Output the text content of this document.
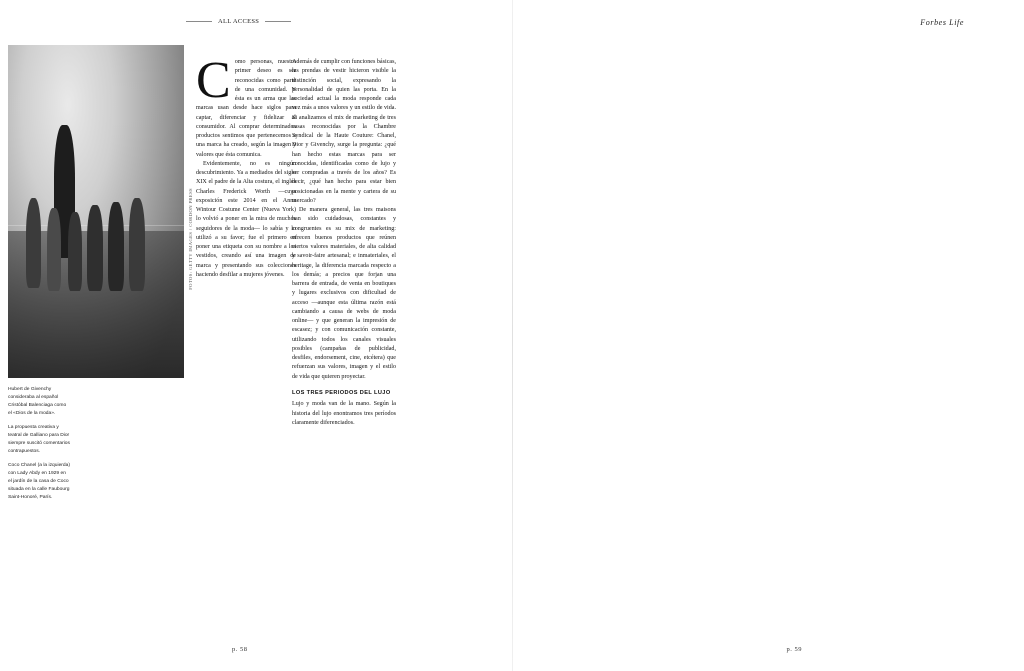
ALL ACCESS
FOTOS: GETTY IMAGES / CORDON PRESS
Hubert de Givenchy consideraba al español Cristóbal Balenciaga como el «Dios de la moda».
La propuesta creativa y teatral de Galliano para Dior siempre suscitó comentarios contrapuestos.
Coco Chanel (a la izquierda) con Lady Abdy en 1929 en el jardín de la casa de Coco situada en la calle Faubourg Saint-Honoré, París.

C omo personas, nuestro primer deseo es ser reconocidas como parte de una comunidad. Y ésta es un arma que las marcas usan desde hace siglos para captar, diferenciar y fidelizar al consumidor. Al comprar determinados productos sentimos que pertenecemos a una marca ha creado, según la imagen y valores que ésta comunica.

Evidentemente, no es ningún descubrimiento. Ya a mediados del siglo XIX el padre de la Alta costura, el inglés Charles Frederick Worth —cuya exposición este 2014 en el Anna Wintour Costume Center (Nueva York) lo volvió a poner en la mira de muchos seguidores de la moda— lo sabía y lo utilizó a su favor; fue el primero en poner una etiqueta con su nombre a los vestidos, creando así una imagen de marca y presentando sus colecciones haciendo desfilar a mujeres jóvenes.

Además de cumplir con funciones básicas, las prendas de vestir hicieron visible la distinción social, expresando la personalidad de quien las porta. En la sociedad actual la moda responde cada vez más a unos valores y un estilo de vida. Si analizamos el mix de marketing de tres casas reconocidas por la Chambre Syndical de la Haute Couture: Chanel, Dior y Givenchy, surge la pregunta: ¿qué han hecho estas marcas para ser conocidas, identificadas como de lujo y ser compradas a través de los años? Es decir, ¿qué han hecho para estar bien posicionadas en la mente y cartera de su mercado?

De manera general, las tres maisons han sido cuidadosas, constantes y congruentes es su mix de marketing: ofrecen buenos productos que reúnen ciertos valores materiales, de alta calidad y savoir-faire artesanal; e inmateriales, el heritage, la diferencia marcada respecto a los demás; a precios que forjan una barrera de entrada, de venta en boutiques y lugares exclusivos con dificultad de acceso —aunque esta última razón está cambiando a causa de webs de moda online— y que generan la impresión de escasez; y con comunicación constante, utilizando todos los canales visuales posibles (campañas de publicidad, desfiles, endorsement, cine, etcétera) que refuerzan sus valores, imagen y el estilo de vida que quieren proyectar.

LOS TRES PERIODOS DEL LUJO

Lujo y moda van de la mano. Según la historia del lujo enontramos tres períodos claramente diferenciados.

p. 58
Forbes Life

p. 59
